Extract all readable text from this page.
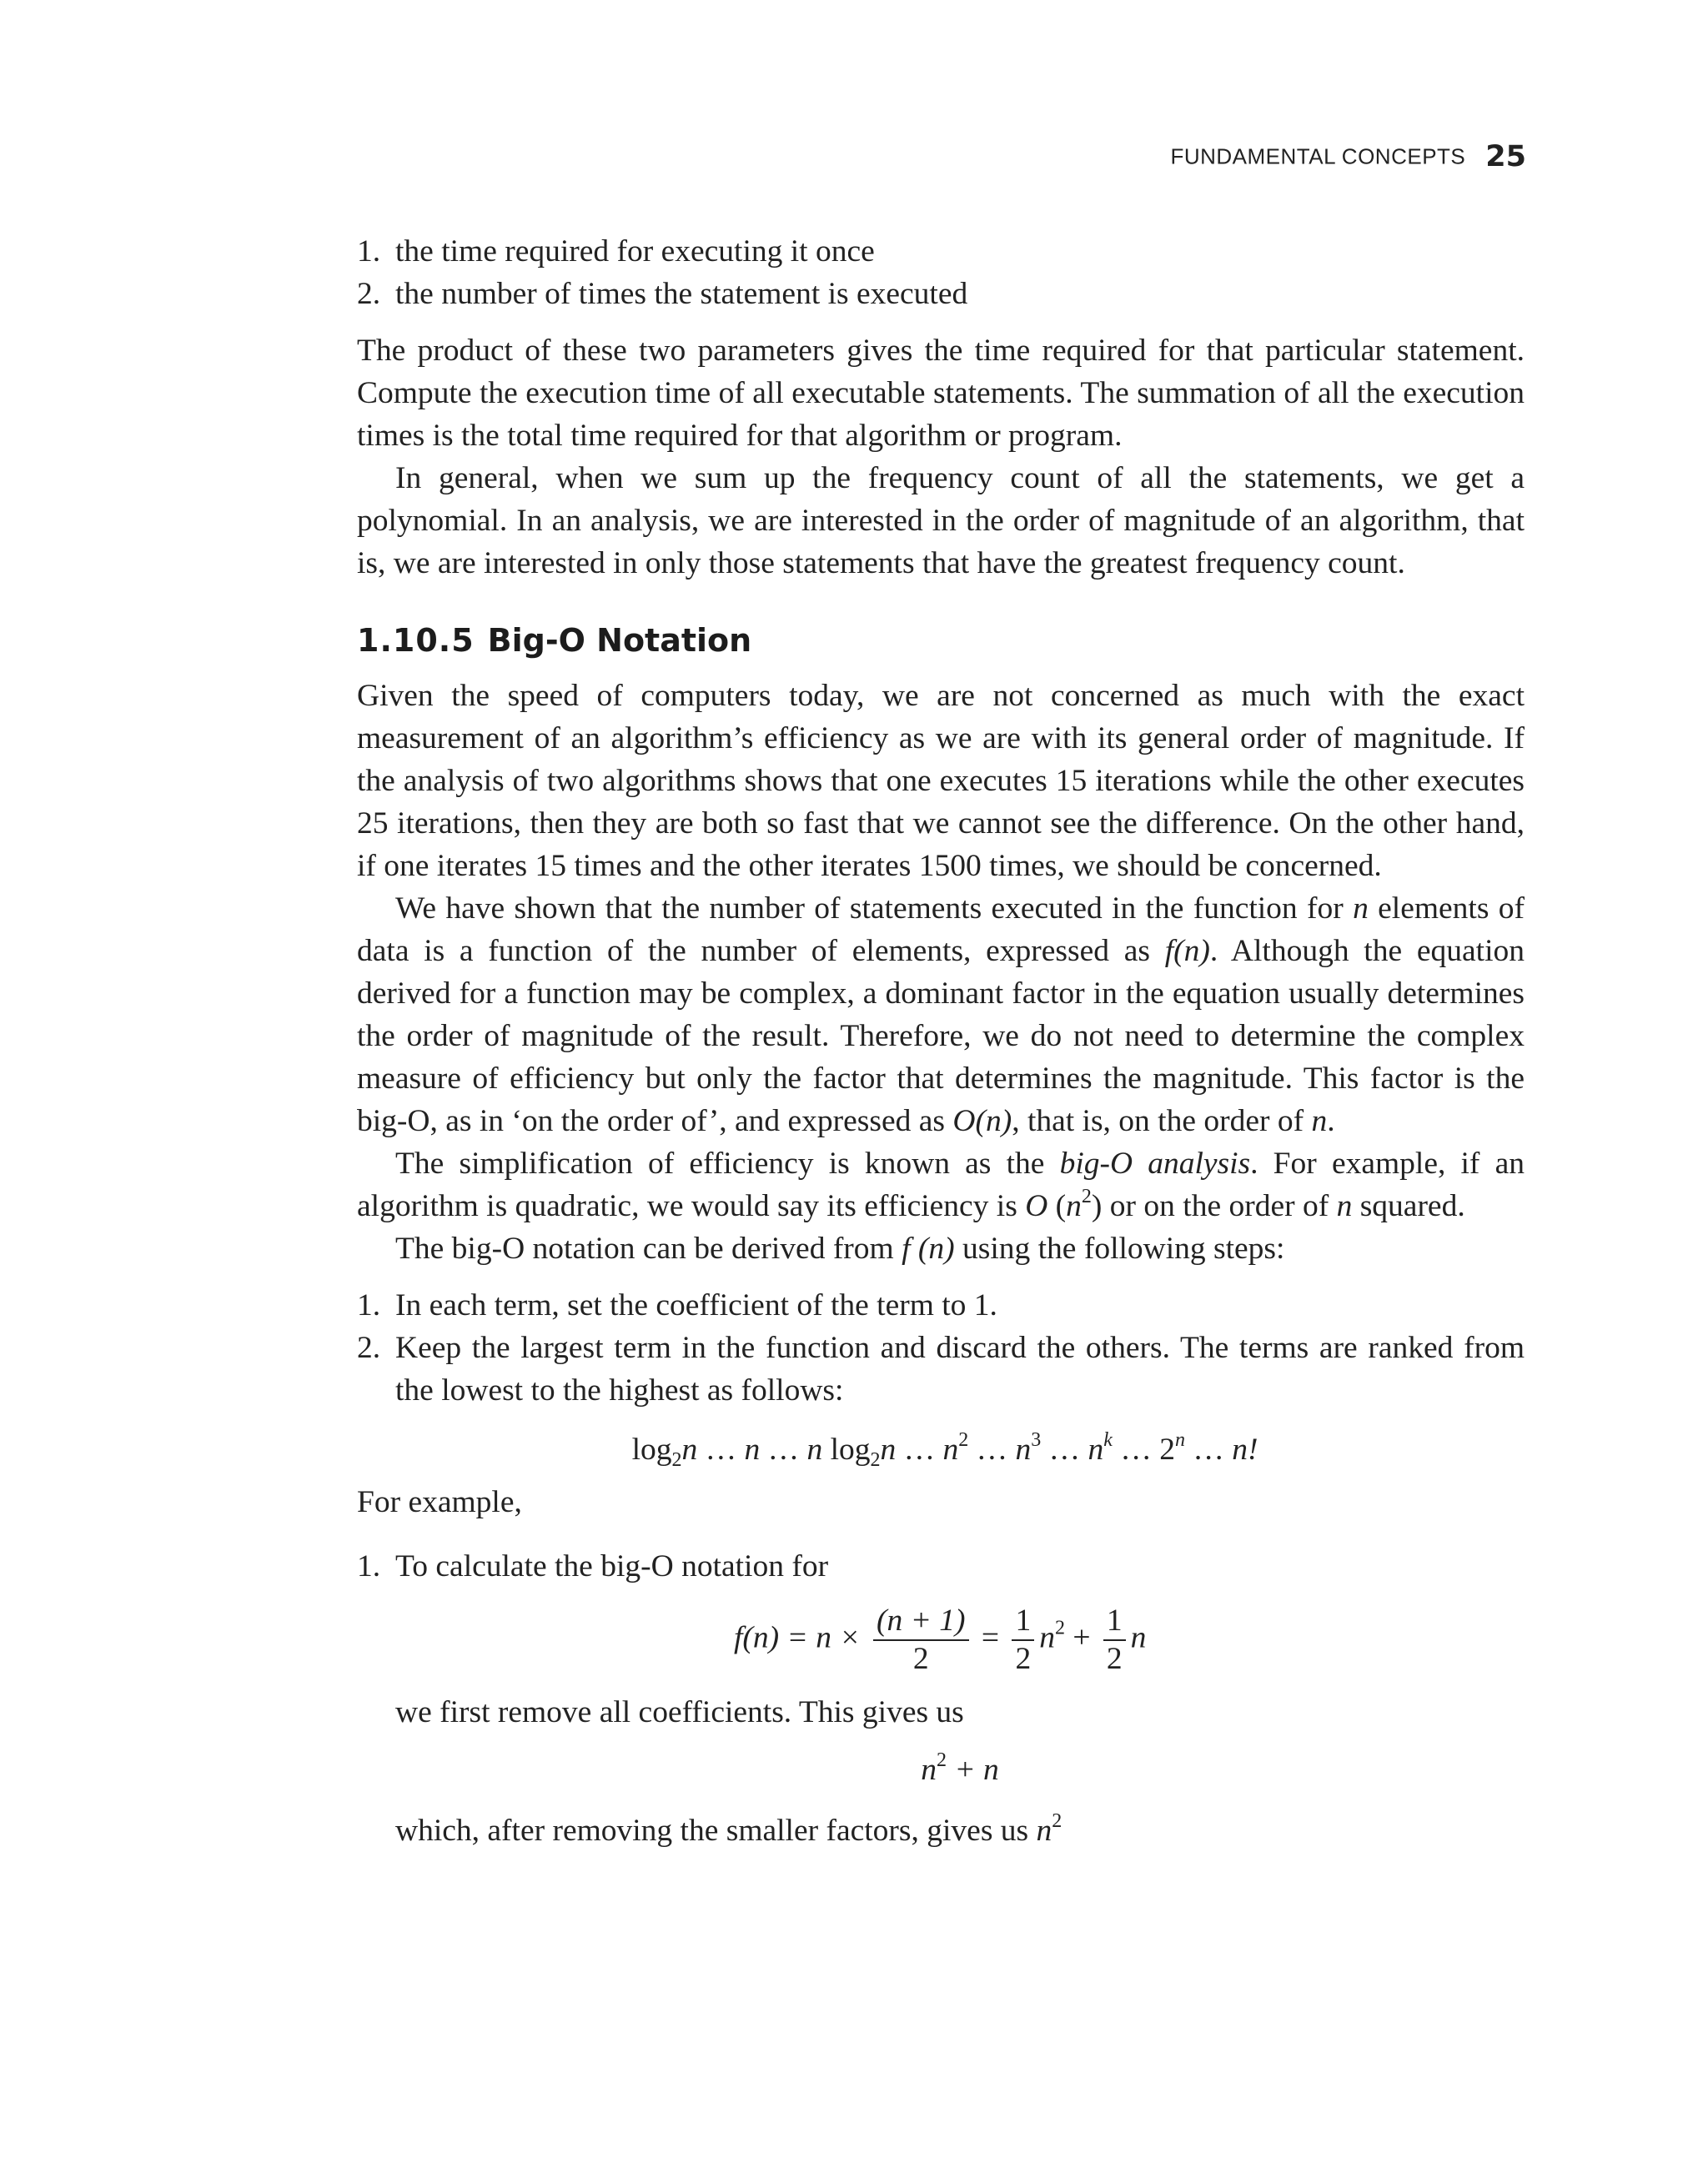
FUNDAMENTAL CONCEPTS 25
1. the time required for executing it once
2. the number of times the statement is executed

The product of these two parameters gives the time required for that particular statement. Compute the execution time of all executable statements. The summation of all the execution times is the total time required for that algorithm or program.

In general, when we sum up the frequency count of all the statements, we get a polynomial. In an analysis, we are interested in the order of magnitude of an algorithm, that is, we are interested in only those statements that have the greatest frequency count.

1.10.5 Big-O Notation

Given the speed of computers today, we are not concerned as much with the exact measurement of an algorithm’s efficiency as we are with its general order of magnitude. If the analysis of two algorithms shows that one executes 15 iterations while the other executes 25 iterations, then they are both so fast that we cannot see the difference. On the other hand, if one iterates 15 times and the other iterates 1500 times, we should be concerned.

We have shown that the number of statements executed in the function for n elements of data is a function of the number of elements, expressed as f(n). Although the equation derived for a function may be complex, a dominant factor in the equation usually determines the order of magnitude of the result. Therefore, we do not need to determine the complex measure of efficiency but only the factor that determines the magnitude. This factor is the big-O, as in ‘on the order of’, and expressed as O(n), that is, on the order of n.

The simplification of efficiency is known as the big-O analysis. For example, if an algorithm is quadratic, we would say its efficiency is O $(n^2)$ or on the order of n squared.

The big-O notation can be derived from f (n) using the following steps:

1. In each term, set the coefficient of the term to 1.
2. Keep the largest term in the function and discard the others. The terms are ranked from the lowest to the highest as follows:
$\log_2n$ … n … n $\log_2n$ … $n^2$ … $n^3$ … $n^k$ … 2$^n$ … n!

For example,

1. To calculate the big-O notation for
$f(n) = n \times \frac{(n + 1)}{2} = \frac{1}{2} n^2 + \frac{1}{2}$ n

we first remove all coefficients. This gives us

$n^2 + n$

which, after removing the smaller factors, gives us $n^2$
